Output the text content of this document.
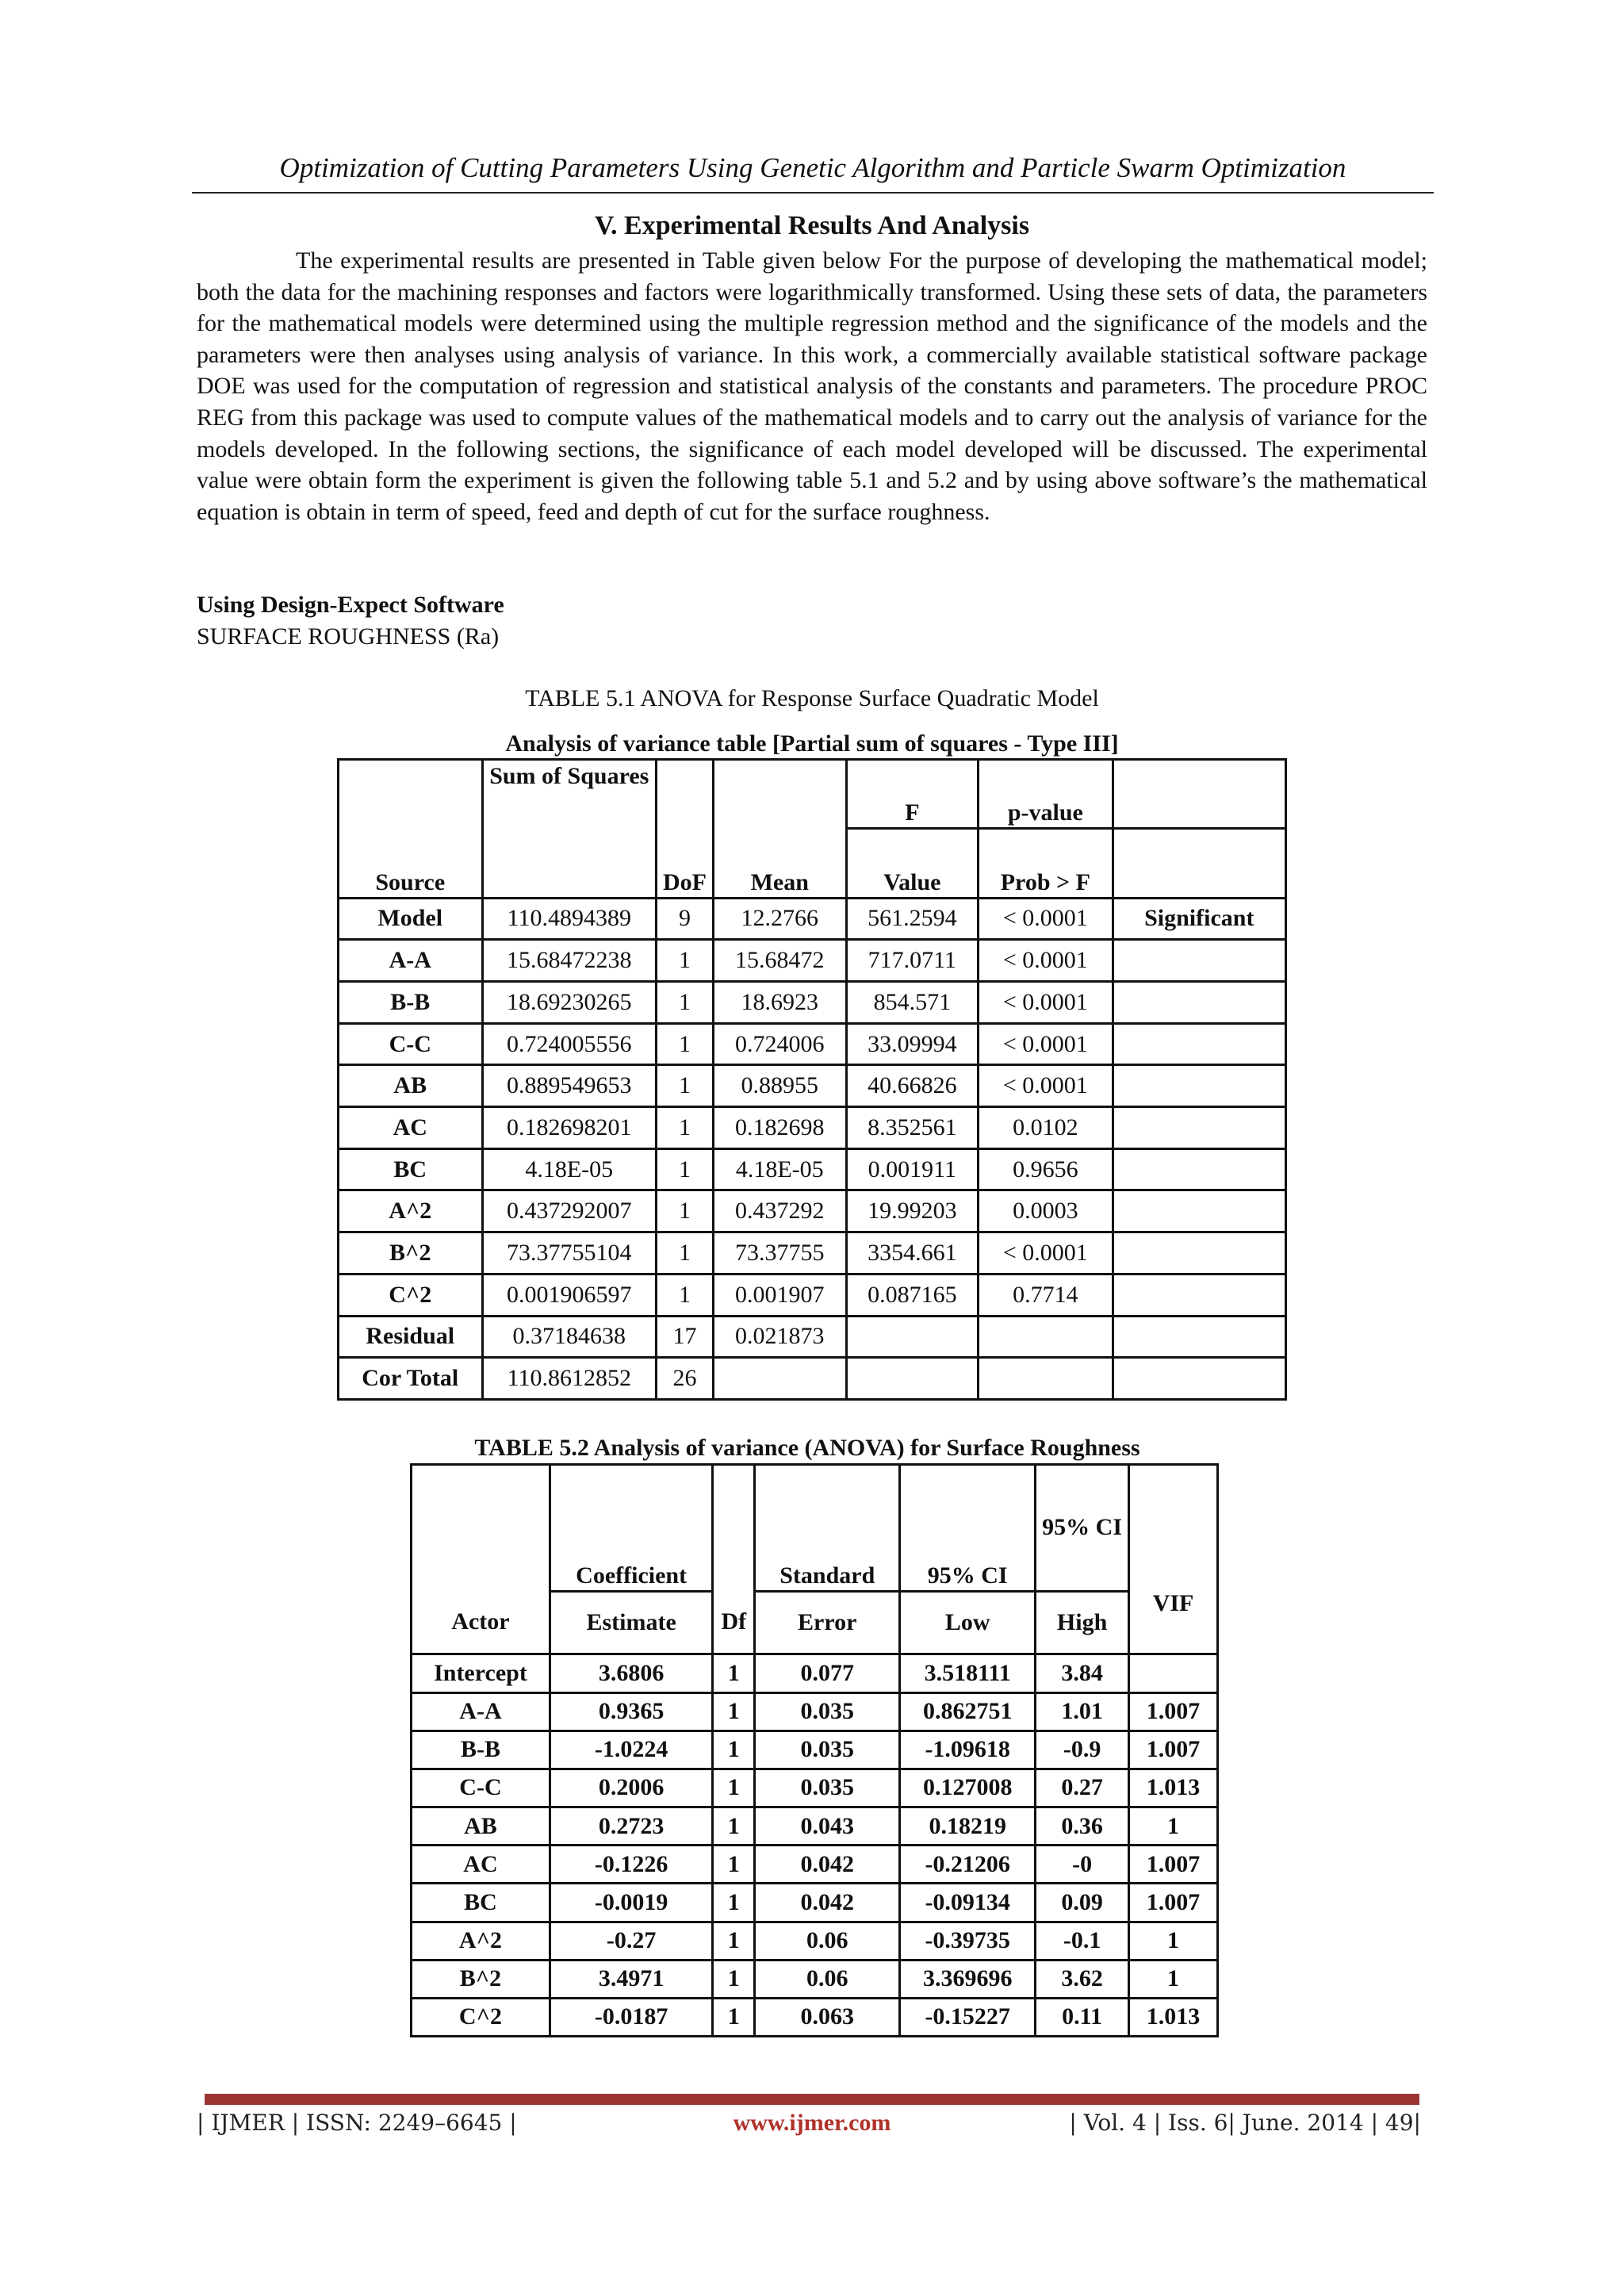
Optimization of Cutting Parameters Using Genetic Algorithm and Particle Swarm Optimization
V. Experimental Results And Analysis
The experimental results are presented in Table given below For the purpose of developing the mathematical model; both the data for the machining responses and factors were logarithmically transformed. Using these sets of data, the parameters for the mathematical models were determined using the multiple regression method and the significance of the models and the parameters were then analyses using analysis of variance. In this work, a commercially available statistical software package DOE was used for the computation of regression and statistical analysis of the constants and parameters. The procedure PROC REG from this package was used to compute values of the mathematical models and to carry out the analysis of variance for the models developed. In the following sections, the significance of each model developed will be discussed. The experimental value were obtain form the experiment is given the following table 5.1 and 5.2 and by using above software’s the mathematical equation is obtain in term of speed, feed and depth of cut for the surface roughness.
Using Design-Expect Software
SURFACE ROUGHNESS (Ra)
TABLE 5.1 ANOVA for Response Surface Quadratic Model
Analysis of variance table [Partial sum of squares - Type III]
	Sum of Squares			F	p-value	
Source		DoF	Mean	Value	Prob > F	
Model	110.4894389	9	12.2766	561.2594	< 0.0001	Significant
A-A	15.68472238	1	15.68472	717.0711	< 0.0001	
B-B	18.69230265	1	18.6923	854.571	< 0.0001	
C-C	0.724005556	1	0.724006	33.09994	< 0.0001	
AB	0.889549653	1	0.88955	40.66826	< 0.0001	
AC	0.182698201	1	0.182698	8.352561	0.0102	
BC	4.18E-05	1	4.18E-05	0.001911	0.9656	
A^2	0.437292007	1	0.437292	19.99203	0.0003	
B^2	73.37755104	1	73.37755	3354.661	< 0.0001	
C^2	0.001906597	1	0.001907	0.087165	0.7714	
Residual	0.37184638	17	0.021873			
Cor Total	110.8612852	26				
TABLE 5.2 Analysis of variance (ANOVA) for Surface Roughness
					95% CI	
	Coefficient		Standard	95% CI		
Actor	Estimate	Df	Error	Low	High	VIF
Intercept	3.6806	1	0.077	3.518111	3.84	
A-A	0.9365	1	0.035	0.862751	1.01	1.007
B-B	-1.0224	1	0.035	-1.09618	-0.9	1.007
C-C	0.2006	1	0.035	0.127008	0.27	1.013
AB	0.2723	1	0.043	0.18219	0.36	1
AC	-0.1226	1	0.042	-0.21206	-0	1.007
BC	-0.0019	1	0.042	-0.09134	0.09	1.007
A^2	-0.27	1	0.06	-0.39735	-0.1	1
B^2	3.4971	1	0.06	3.369696	3.62	1
C^2	-0.0187	1	0.063	-0.15227	0.11	1.013
| IJMER | ISSN: 2249–6645 |	www.ijmer.com	| Vol. 4 | Iss. 6| June. 2014 | 49|
